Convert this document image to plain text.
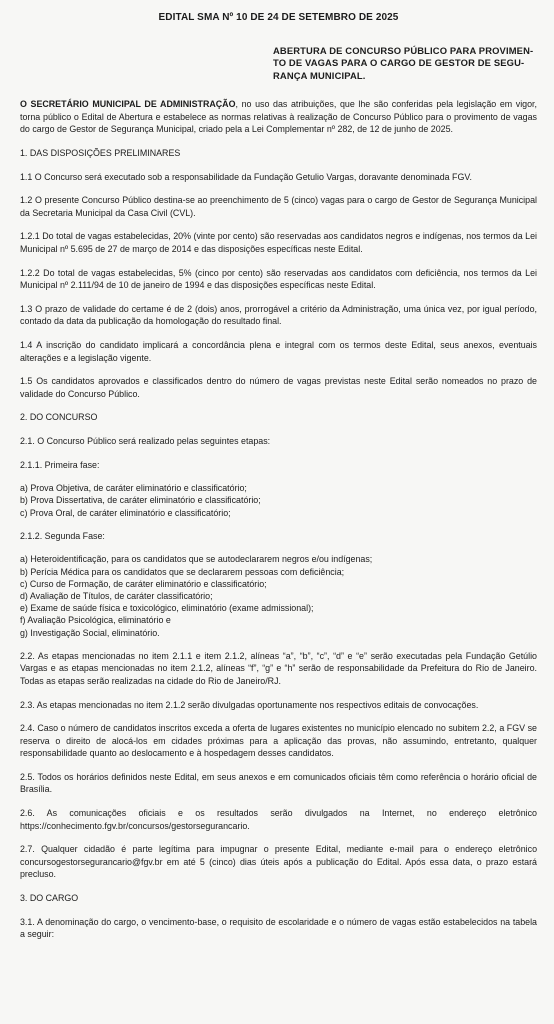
EDITAL SMA Nº 10 DE 24 DE SETEMBRO DE 2025
ABERTURA DE CONCURSO PÚBLICO PARA PROVIMEN-
TO DE VAGAS PARA O CARGO DE GESTOR DE SEGU-
RANÇA MUNICIPAL.

O SECRETÁRIO MUNICIPAL DE ADMINISTRAÇÃO, no uso das atribuições, que lhe são conferidas pela legislação em vigor, torna público o Edital de Abertura e estabelece as normas relativas à realização de Concurso Público para o provimento de vagas do cargo de Gestor de Segurança Municipal, criado pela a Lei Complementar nº 282, de 12 de junho de 2025.

1. DAS DISPOSIÇÕES PRELIMINARES

1.1 O Concurso será executado sob a responsabilidade da Fundação Getulio Vargas, doravante denominada FGV.

1.2 O presente Concurso Público destina-se ao preenchimento de 5 (cinco) vagas para o cargo de Gestor de Segurança Municipal da Secretaria Municipal da Casa Civil (CVL).

1.2.1 Do total de vagas estabelecidas, 20% (vinte por cento) são reservadas aos candidatos negros e indígenas, nos termos da Lei Municipal nº 5.695 de 27 de março de 2014 e das disposições específicas neste Edital.

1.2.2 Do total de vagas estabelecidas, 5% (cinco por cento) são reservadas aos candidatos com deficiência, nos termos da Lei Municipal nº 2.111/94 de 10 de janeiro de 1994 e das disposições específicas neste Edital.

1.3 O prazo de validade do certame é de 2 (dois) anos, prorrogável a critério da Administração, uma única vez, por igual período, contado da data da publicação da homologação do resultado final.

1.4 A inscrição do candidato implicará a concordância plena e integral com os termos deste Edital, seus anexos, eventuais alterações e a legislação vigente.

1.5 Os candidatos aprovados e classificados dentro do número de vagas previstas neste Edital serão nomeados no prazo de validade do Concurso Público.

2. DO CONCURSO

2.1. O Concurso Público será realizado pelas seguintes etapas:

2.1.1. Primeira fase:

a) Prova Objetiva, de caráter eliminatório e classificatório;
b) Prova Dissertativa, de caráter eliminatório e classificatório;
c) Prova Oral, de caráter eliminatório e classificatório;

2.1.2. Segunda Fase:

a) Heteroidentificação, para os candidatos que se autodeclararem negros e/ou indígenas;
b) Perícia Médica para os candidatos que se declararem pessoas com deficiência;
c) Curso de Formação, de caráter eliminatório e classificatório;
d) Avaliação de Títulos, de caráter classificatório;
e) Exame de saúde física e toxicológico, eliminatório (exame admissional);
f) Avaliação Psicológica, eliminatório e
g) Investigação Social, eliminatório.

2.2. As etapas mencionadas no item 2.1.1 e item 2.1.2, alíneas “a”, “b”, “c”, “d” e “e” serão executadas pela Fundação Getúlio Vargas e as etapas mencionadas no item 2.1.2, alíneas “f”, “g” e “h” serão de responsabilidade da Prefeitura do Rio de Janeiro. Todas as etapas serão realizadas na cidade do Rio de Janeiro/RJ.

2.3. As etapas mencionadas no item 2.1.2 serão divulgadas oportunamente nos respectivos editais de convocações.

2.4. Caso o número de candidatos inscritos exceda a oferta de lugares existentes no município elencado no subitem 2.2, a FGV se reserva o direito de alocá-los em cidades próximas para a aplicação das provas, não assumindo, entretanto, qualquer responsabilidade quanto ao deslocamento e à hospedagem desses candidatos.

2.5. Todos os horários definidos neste Edital, em seus anexos e em comunicados oficiais têm como referência o horário oficial de Brasília.

2.6. As comunicações oficiais e os resultados serão divulgados na Internet, no endereço eletrônico https://conhecimento.fgv.br/concursos/gestorsegurancario.

2.7. Qualquer cidadão é parte legítima para impugnar o presente Edital, mediante e-mail para o endereço eletrônico concursogestorsegurancario@fgv.br em até 5 (cinco) dias úteis após a publicação do Edital. Após essa data, o prazo estará precluso.

3. DO CARGO

3.1. A denominação do cargo, o vencimento-base, o requisito de escolaridade e o número de vagas estão estabelecidos na tabela a seguir:
